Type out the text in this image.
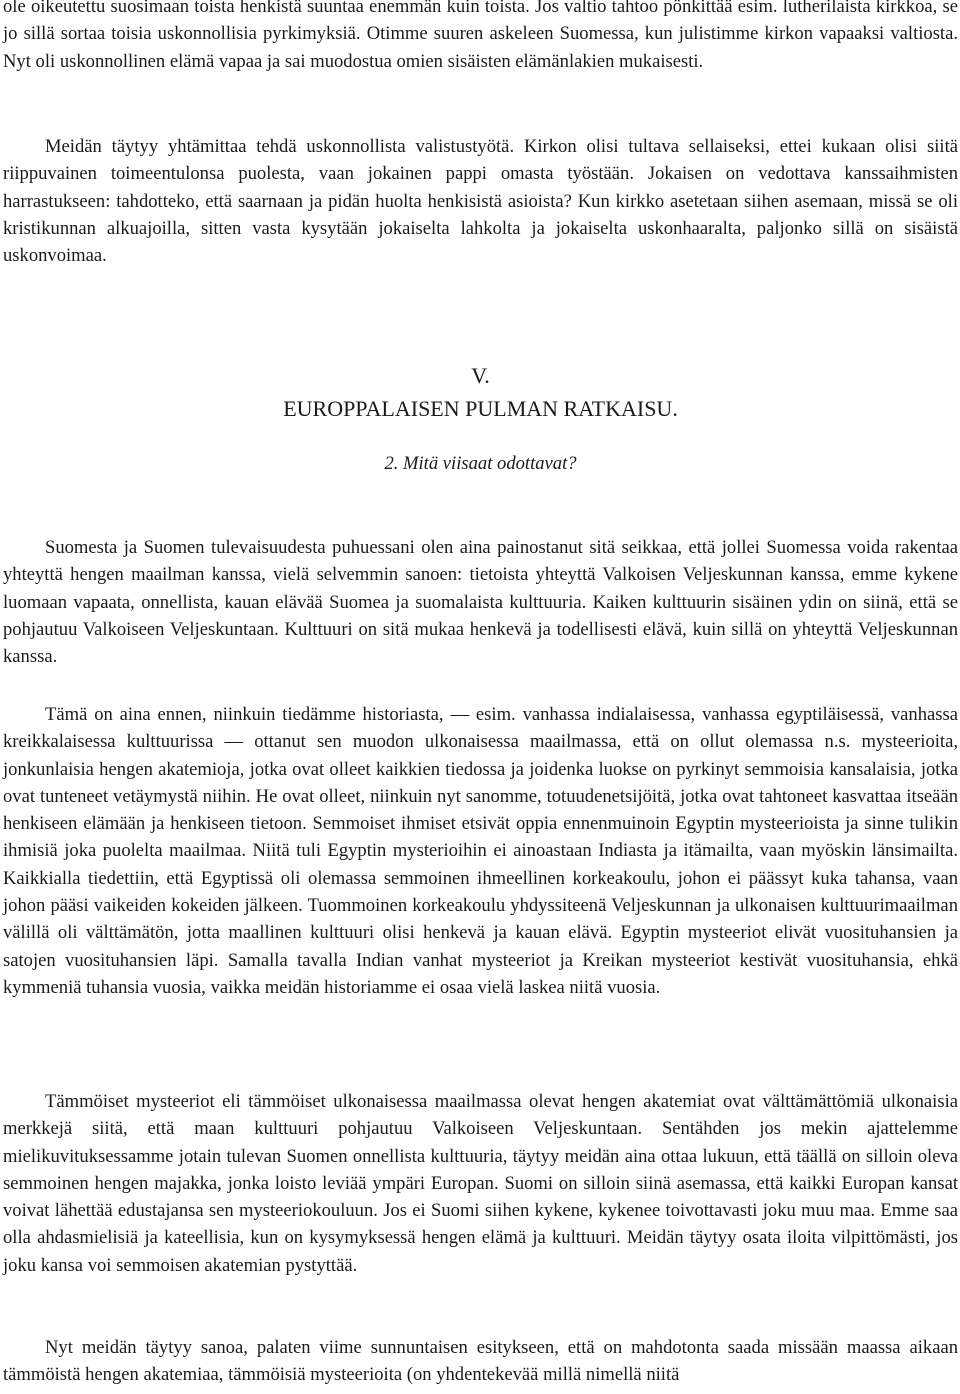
ole oikeutettu suosimaan toista henkistä suuntaa enemmän kuin toista. Jos valtio tahtoo pönkittää esim. lutherilaista kirkkoa, se jo sillä sortaa toisia uskonnollisia pyrkimyksiä. Otimme suuren askeleen Suomessa, kun julistimme kirkon vapaaksi valtiosta. Nyt oli uskonnollinen elämä vapaa ja sai muodostua omien sisäisten elämänlakien mukaisesti.

Meidän täytyy yhtämittaa tehdä uskonnollista valistustyötä. Kirkon olisi tultava sellaiseksi, ettei kukaan olisi siitä riippuvainen toimeentulonsa puolesta, vaan jokainen pappi omasta työstään. Jokaisen on vedottava kanssaihmisten harrastukseen: tahdotteko, että saarnaan ja pidän huolta henkisistä asioista? Kun kirkko asetetaan siihen asemaan, missä se oli kristikunnan alkuajoilla, sitten vasta kysytään jokaiselta lahkolta ja jokaiselta uskonhaaralta, paljonko sillä on sisäistä uskonvoimaa.

V.
EUROPPALAISEN PULMAN RATKAISU.
2. Mitä viisaat odottavat?

Suomesta ja Suomen tulevaisuudesta puhuessani olen aina painostanut sitä seikkaa, että jollei Suomessa voida rakentaa yhteyttä hengen maailman kanssa, vielä selvemmin sanoen: tietoista yhteyttä Valkoisen Veljeskunnan kanssa, emme kykene luomaan vapaata, onnellista, kauan elävää Suomea ja suomalaista kulttuuria. Kaiken kulttuurin sisäinen ydin on siinä, että se pohjautuu Valkoiseen Veljeskuntaan. Kulttuuri on sitä mukaa henkevä ja todellisesti elävä, kuin sillä on yhteyttä Veljeskunnan kanssa.

Tämä on aina ennen, niinkuin tiedämme historiasta, — esim. vanhassa indialaisessa, vanhassa egyptiläisessä, vanhassa kreikkalaisessa kulttuurissa — ottanut sen muodon ulkonaisessa maailmassa, että on ollut olemassa n.s. mysteerioita, jonkunlaisia hengen akatemioja, jotka ovat olleet kaikkien tiedossa ja joidenka luokse on pyrkinyt semmoisia kansalaisia, jotka ovat tunteneet vetäymystä niihin. He ovat olleet, niinkuin nyt sanomme, totuudenetsijöitä, jotka ovat tahtoneet kasvattaa itseään henkiseen elämään ja henkiseen tietoon. Semmoiset ihmiset etsivät oppia ennenmuinoin Egyptin mysteerioista ja sinne tulikin ihmisiä joka puolelta maailmaa. Niitä tuli Egyptin mysterioihin ei ainoastaan Indiasta ja itämailta, vaan myöskin länsimailta. Kaikkialla tiedettiin, että Egyptissä oli olemassa semmoinen ihmeellinen korkeakoulu, johon ei päässyt kuka tahansa, vaan johon pääsi vaikeiden kokeiden jälkeen. Tuommoinen korkeakoulu yhdyssiteenä Veljeskunnan ja ulkonaisen kulttuurimaailman välillä oli välttämätön, jotta maallinen kulttuuri olisi henkevä ja kauan elävä. Egyptin mysteeriot elivät vuosituhansien ja satojen vuosituhansien läpi. Samalla tavalla Indian vanhat mysteeriot ja Kreikan mysteeriot kestivät vuosituhansia, ehkä kymmeniä tuhansia vuosia, vaikka meidän historiamme ei osaa vielä laskea niitä vuosia.

Tämmöiset mysteeriot eli tämmöiset ulkonaisessa maailmassa olevat hengen akatemiat ovat välttämättömiä ulkonaisia merkkejä siitä, että maan kulttuuri pohjautuu Valkoiseen Veljeskuntaan. Sentähden jos mekin ajattelemme mielikuvituksessamme jotain tulevan Suomen onnellista kulttuuria, täytyy meidän aina ottaa lukuun, että täällä on silloin oleva semmoinen hengen majakka, jonka loisto leviää ympäri Europan. Suomi on silloin siinä asemassa, että kaikki Europan kansat voivat lähettää edustajansa sen mysteeriokouluun. Jos ei Suomi siihen kykene, kykenee toivottavasti joku muu maa. Emme saa olla ahdasmielisiä ja kateellisia, kun on kysymyksessä hengen elämä ja kulttuuri. Meidän täytyy osata iloita vilpittömästi, jos joku kansa voi semmoisen akatemian pystyttää.

Nyt meidän täytyy sanoa, palaten viime sunnuntaisen esitykseen, että on mahdotonta saada missään maassa aikaan tämmöistä hengen akatemiaa, tämmöisiä mysteerioita (on yhdentekevää millä nimellä niitä
